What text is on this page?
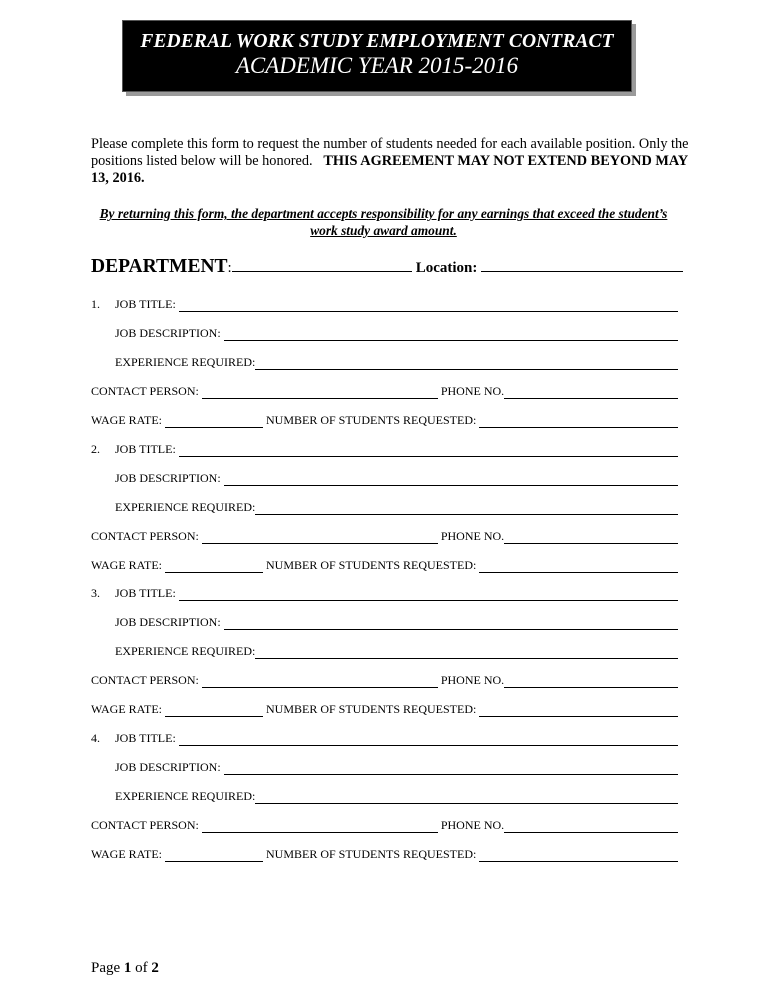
FEDERAL WORK STUDY EMPLOYMENT CONTRACT
ACADEMIC YEAR 2015-2016
Please complete this form to request the number of students needed for each available position. Only the positions listed below will be honored. THIS AGREEMENT MAY NOT EXTEND BEYOND MAY 13, 2016.
By returning this form, the department accepts responsibility for any earnings that exceed the student’s work study award amount.
DEPARTMENT:	Location:
1.	JOB TITLE:
JOB DESCRIPTION:
EXPERIENCE REQUIRED:
CONTACT PERSON:	PHONE NO.
WAGE RATE:	NUMBER OF STUDENTS REQUESTED:
2.	JOB TITLE:
JOB DESCRIPTION:
EXPERIENCE REQUIRED:
CONTACT PERSON:	PHONE NO.
WAGE RATE:	NUMBER OF STUDENTS REQUESTED:
3.	JOB TITLE:
JOB DESCRIPTION:
EXPERIENCE REQUIRED:
CONTACT PERSON:	PHONE NO.
WAGE RATE:	NUMBER OF STUDENTS REQUESTED:
4.	JOB TITLE:
JOB DESCRIPTION:
EXPERIENCE REQUIRED:
CONTACT PERSON:	PHONE NO.
WAGE RATE:	NUMBER OF STUDENTS REQUESTED:
Page 1 of 2
